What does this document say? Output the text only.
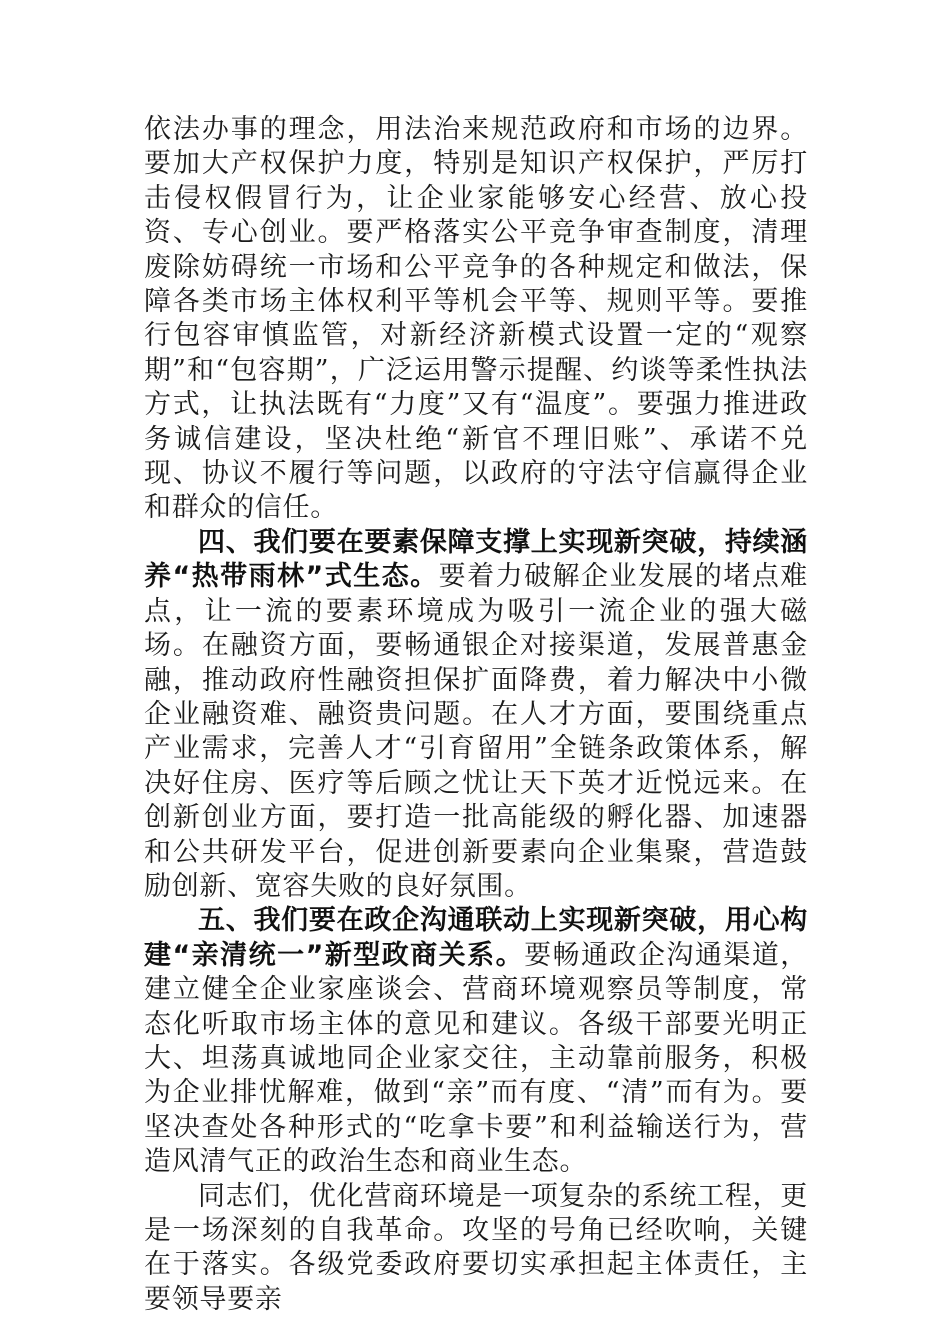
依法办事的理念，用法治来规范政府和市场的边界。要加大产权保护力度，特别是知识产权保护，严厉打击侵权假冒行为，让企业家能够安心经营、放心投资、专心创业。要严格落实公平竞争审查制度，清理废除妨碍统一市场和公平竞争的各种规定和做法，保障各类市场主体权利平等机会平等、规则平等。要推行包容审慎监管，对新经济新模式设置一定的“观察期”和“包容期”，广泛运用警示提醒、约谈等柔性执法方式，让执法既有“力度”又有“温度”。要强力推进政务诚信建设，坚决杜绝“新官不理旧账”、承诺不兑现、协议不履行等问题，以政府的守法守信赢得企业和群众的信任。

四、我们要在要素保障支撑上实现新突破，持续涵养“热带雨林”式生态。要着力破解企业发展的堵点难点，让一流的要素环境成为吸引一流企业的强大磁场。在融资方面，要畅通银企对接渠道，发展普惠金融，推动政府性融资担保扩面降费，着力解决中小微企业融资难、融资贵问题。在人才方面，要围绕重点产业需求，完善人才“引育留用”全链条政策体系，解决好住房、医疗等后顾之忧让天下英才近悦远来。在创新创业方面，要打造一批高能级的孵化器、加速器和公共研发平台，促进创新要素向企业集聚，营造鼓励创新、宽容失败的良好氛围。

五、我们要在政企沟通联动上实现新突破，用心构建“亲清统一”新型政商关系。要畅通政企沟通渠道，建立健全企业家座谈会、营商环境观察员等制度，常态化听取市场主体的意见和建议。各级干部要光明正大、坦荡真诚地同企业家交往，主动靠前服务，积极为企业排忧解难，做到“亲”而有度、“清”而有为。要坚决查处各种形式的“吃拿卡要”和利益输送行为，营造风清气正的政治生态和商业生态。

同志们，优化营商环境是一项复杂的系统工程，更是一场深刻的自我革命。攻坚的号角已经吹响，关键在于落实。各级党委政府要切实承担起主体责任，主要领导要亲
